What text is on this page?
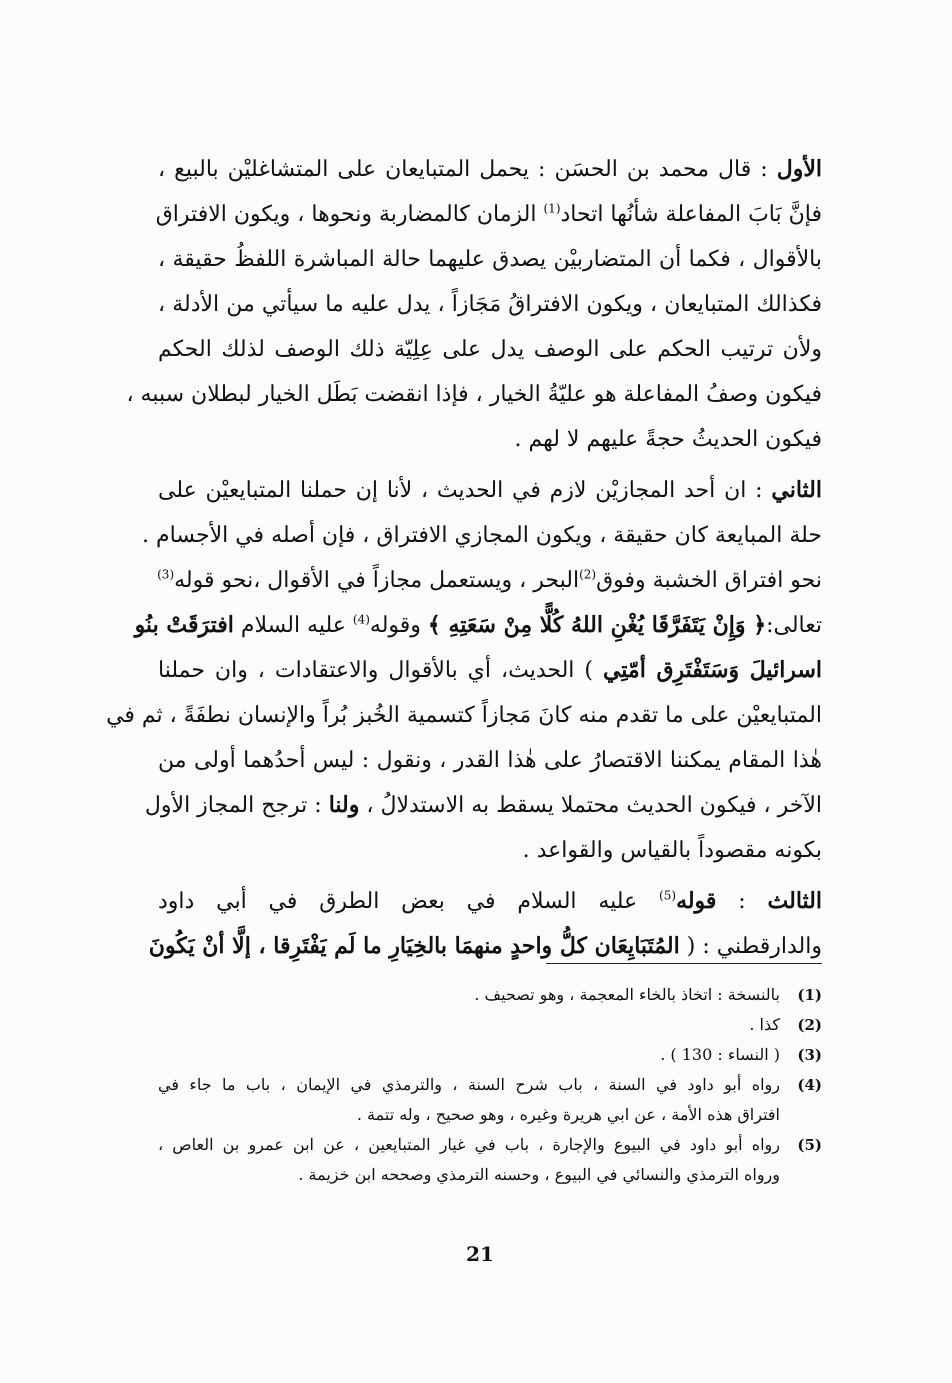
الأول : قال محمد بن الحسَن : يحمل المتبايعان على المتشاغليْن بالبيع ،
فإنَّ بَابَ المفاعلة شأنُها اتحاد$^{(1)}$ الزمان كالمضاربة ونحوها ، ويكون الافتراق
بالأقوال ، فكما أن المتضاربيْن يصدق عليهما حالة المباشرة اللفظُ حقيقة ،
فكذالك المتبايعان ، ويكون الافتراقُ مَجَازاً ، يدل عليه ما سيأتي من الأدلة ،
ولأن ترتيب الحكم على الوصف يدل على عِلِيّة ذلك الوصف لذلك الحكم
فيكون وصفُ المفاعلة هو عليّةُ الخيار ، فإذا انقضت بَطَل الخيار لبطلان سببه ،
فيكون الحديثُ حجةً عليهم لا لهم .
الثاني : ان أحد المجازيْن لازم في الحديث ، لأنا إن حملنا المتبايعيْن على
حلة المبايعة كان حقيقة ، ويكون المجازي الافتراق ، فإن أصله في الأجسام .
نحو افتراق الخشبة وفوق$^{(2)}$البحر ، ويستعمل مجازاً في الأقوال ،نحو قوله$^{(3)}$
تعالى:﴿ وَإِنْ يَتَفَرَّقَا يُغْنِ اللهُ كُلًّا مِنْ سَعَتِهِ ﴾ وقوله$^{(4)}$ عليه السلام افترَقَتْ بنُو
اسرائيلَ وَسَتَفْتَرِق أمّتِي ) الحديث، أي بالأقوال والاعتقادات ، وان حملنا
المتبايعيْن على ما تقدم منه كانَ مَجازاً كتسمية الخُبز بُراً والإنسان نطفَةً ، ثم في
هٰذا المقام يمكننا الاقتصارُ على هٰذا القدر ، ونقول : ليس أحدُهما أولى من
الآخر ، فيكون الحديث محتملا يسقط به الاستدلالُ ، ولنا : ترجح المجاز الأول
بكونه مقصوداً بالقياس والقواعد .
الثالث : قوله$^{(5)}$ عليه السلام في بعض الطرق في أبي داود
والدارقطني : ( المُتَبَايِعَان كلُّ واحدٍ منهمَا بالخِيَارِ ما لَم يَفْتَرِقا ، إلَّا أنْ يَكُونَ
(1)
بالنسخة : اتخاذ بالخاء المعجمة ، وهو تصحيف .
(2)
كذا .
(3)
( النساء : 130 ) .
(4)
رواه أبو داود في السنة ، باب شرح السنة ، والترمذي في الإيمان ، باب ما جاء في
افتراق هذه الأمة ، عن ابي هريرة وغيره ، وهو صحيح ، وله تتمة .
(5)
رواه أبو داود في البيوع والإجارة ، باب في غيار المتبايعين ، عن ابن عمرو بن العاص ،
ورواه الترمذي والنسائي في البيوع ، وحسنه الترمذي وصححه ابن خزيمة .
21
